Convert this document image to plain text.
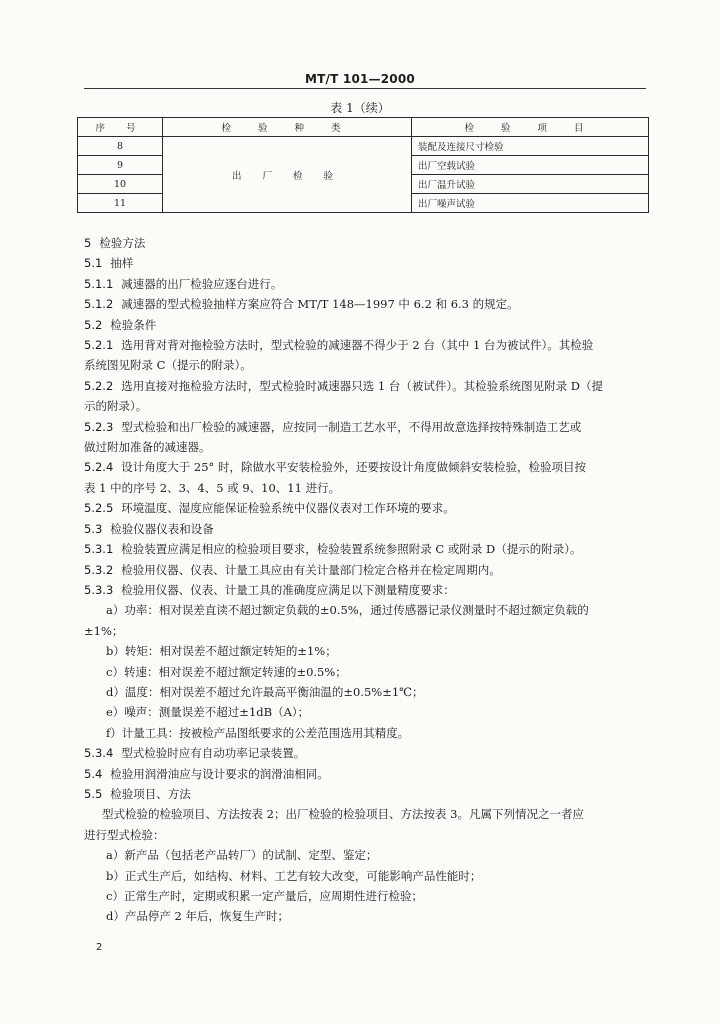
MT/T 101—2000
表 1（续）
序 号	检 验 种 类	检 验 项 目
8	出 厂 检 验	装配及连接尺寸检验
9		出厂空载试验
10		出厂温升试验
11		出厂噪声试验

5 检验方法

5.1 抽样

5.1.1 减速器的出厂检验应逐台进行。

5.1.2 减速器的型式检验抽样方案应符合 MT/T 148—1997 中 6.2 和 6.3 的规定。

5.2 检验条件

5.2.1 选用背对背对拖检验方法时，型式检验的减速器不得少于 2 台（其中 1 台为被试件）。其检验

系统图见附录 C（提示的附录）。

5.2.2 选用直接对拖检验方法时，型式检验时减速器只选 1 台（被试件）。其检验系统图见附录 D（提

示的附录）。

5.2.3 型式检验和出厂检验的减速器，应按同一制造工艺水平，不得用故意选择按特殊制造工艺或

做过附加准备的减速器。

5.2.4 设计角度大于 25° 时，除做水平安装检验外，还要按设计角度做倾斜安装检验，检验项目按

表 1 中的序号 2、3、4、5 或 9、10、11 进行。

5.2.5 环境温度、湿度应能保证检验系统中仪器仪表对工作环境的要求。

5.3 检验仪器仪表和设备

5.3.1 检验装置应满足相应的检验项目要求，检验装置系统参照附录 C 或附录 D（提示的附录）。

5.3.2 检验用仪器、仪表、计量工具应由有关计量部门检定合格并在检定周期内。

5.3.3 检验用仪器、仪表、计量工具的准确度应满足以下测量精度要求：

a）功率：相对误差直读不超过额定负载的±0.5%，通过传感器记录仪测量时不超过额定负载的

±1%；

b）转矩：相对误差不超过额定转矩的±1%；

c）转速：相对误差不超过额定转速的±0.5%；

d）温度：相对误差不超过允许最高平衡油温的±0.5%±1℃；

e）噪声：测量误差不超过±1dB（A）；

f）计量工具：按被检产品图纸要求的公差范围选用其精度。

5.3.4 型式检验时应有自动功率记录装置。

5.4 检验用润滑油应与设计要求的润滑油相同。

5.5 检验项目、方法

型式检验的检验项目、方法按表 2；出厂检验的检验项目、方法按表 3。凡属下列情况之一者应

进行型式检验：

a）新产品（包括老产品转厂）的试制、定型、鉴定；

b）正式生产后，如结构、材料、工艺有较大改变，可能影响产品性能时；

c）正常生产时，定期或积累一定产量后，应周期性进行检验；

d）产品停产 2 年后，恢复生产时；

2
